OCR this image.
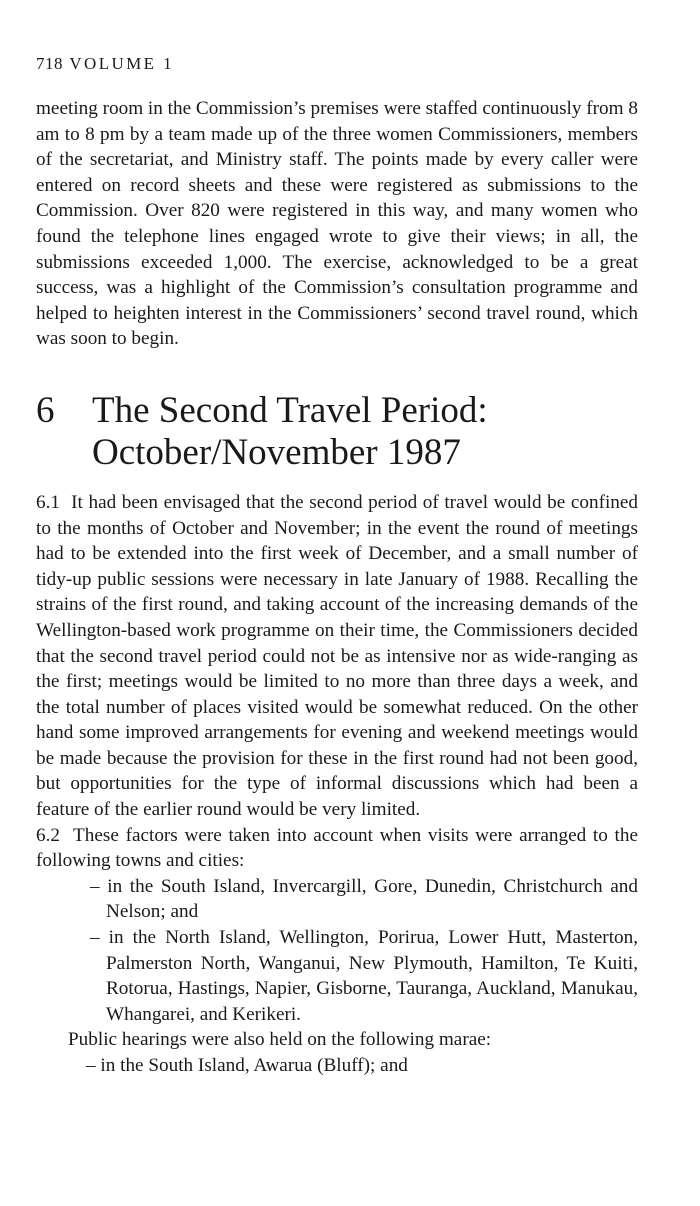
718 VOLUME 1

meeting room in the Commission’s premises were staffed continuously from 8 am to 8 pm by a team made up of the three women Commissioners, members of the secretariat, and Ministry staff. The points made by every caller were entered on record sheets and these were registered as submissions to the Commission. Over 820 were registered in this way, and many women who found the telephone lines engaged wrote to give their views; in all, the submissions exceeded 1,000. The exercise, acknowledged to be a great success, was a highlight of the Commission’s consultation programme and helped to heighten interest in the Commissioners’ second travel round, which was soon to begin.

6	The Second Travel Period:
October/November 1987

6.1 It had been envisaged that the second period of travel would be confined to the months of October and November; in the event the round of meetings had to be extended into the first week of December, and a small number of tidy-up public sessions were necessary in late January of 1988. Recalling the strains of the first round, and taking account of the increasing demands of the Wellington-based work programme on their time, the Commissioners decided that the second travel period could not be as intensive nor as wide-ranging as the first; meetings would be limited to no more than three days a week, and the total number of places visited would be somewhat reduced. On the other hand some improved arrangements for evening and weekend meetings would be made because the provision for these in the first round had not been good, but opportunities for the type of informal discussions which had been a feature of the earlier round would be very limited.

6.2 These factors were taken into account when visits were arranged to the following towns and cities:

– in the South Island, Invercargill, Gore, Dunedin, Christchurch and Nelson; and
– in the North Island, Wellington, Porirua, Lower Hutt, Masterton, Palmerston North, Wanganui, New Plymouth, Hamilton, Te Kuiti, Rotorua, Hastings, Napier, Gisborne, Tauranga, Auckland, Manukau, Whangarei, and Kerikeri.

Public hearings were also held on the following marae:

– in the South Island, Awarua (Bluff); and
